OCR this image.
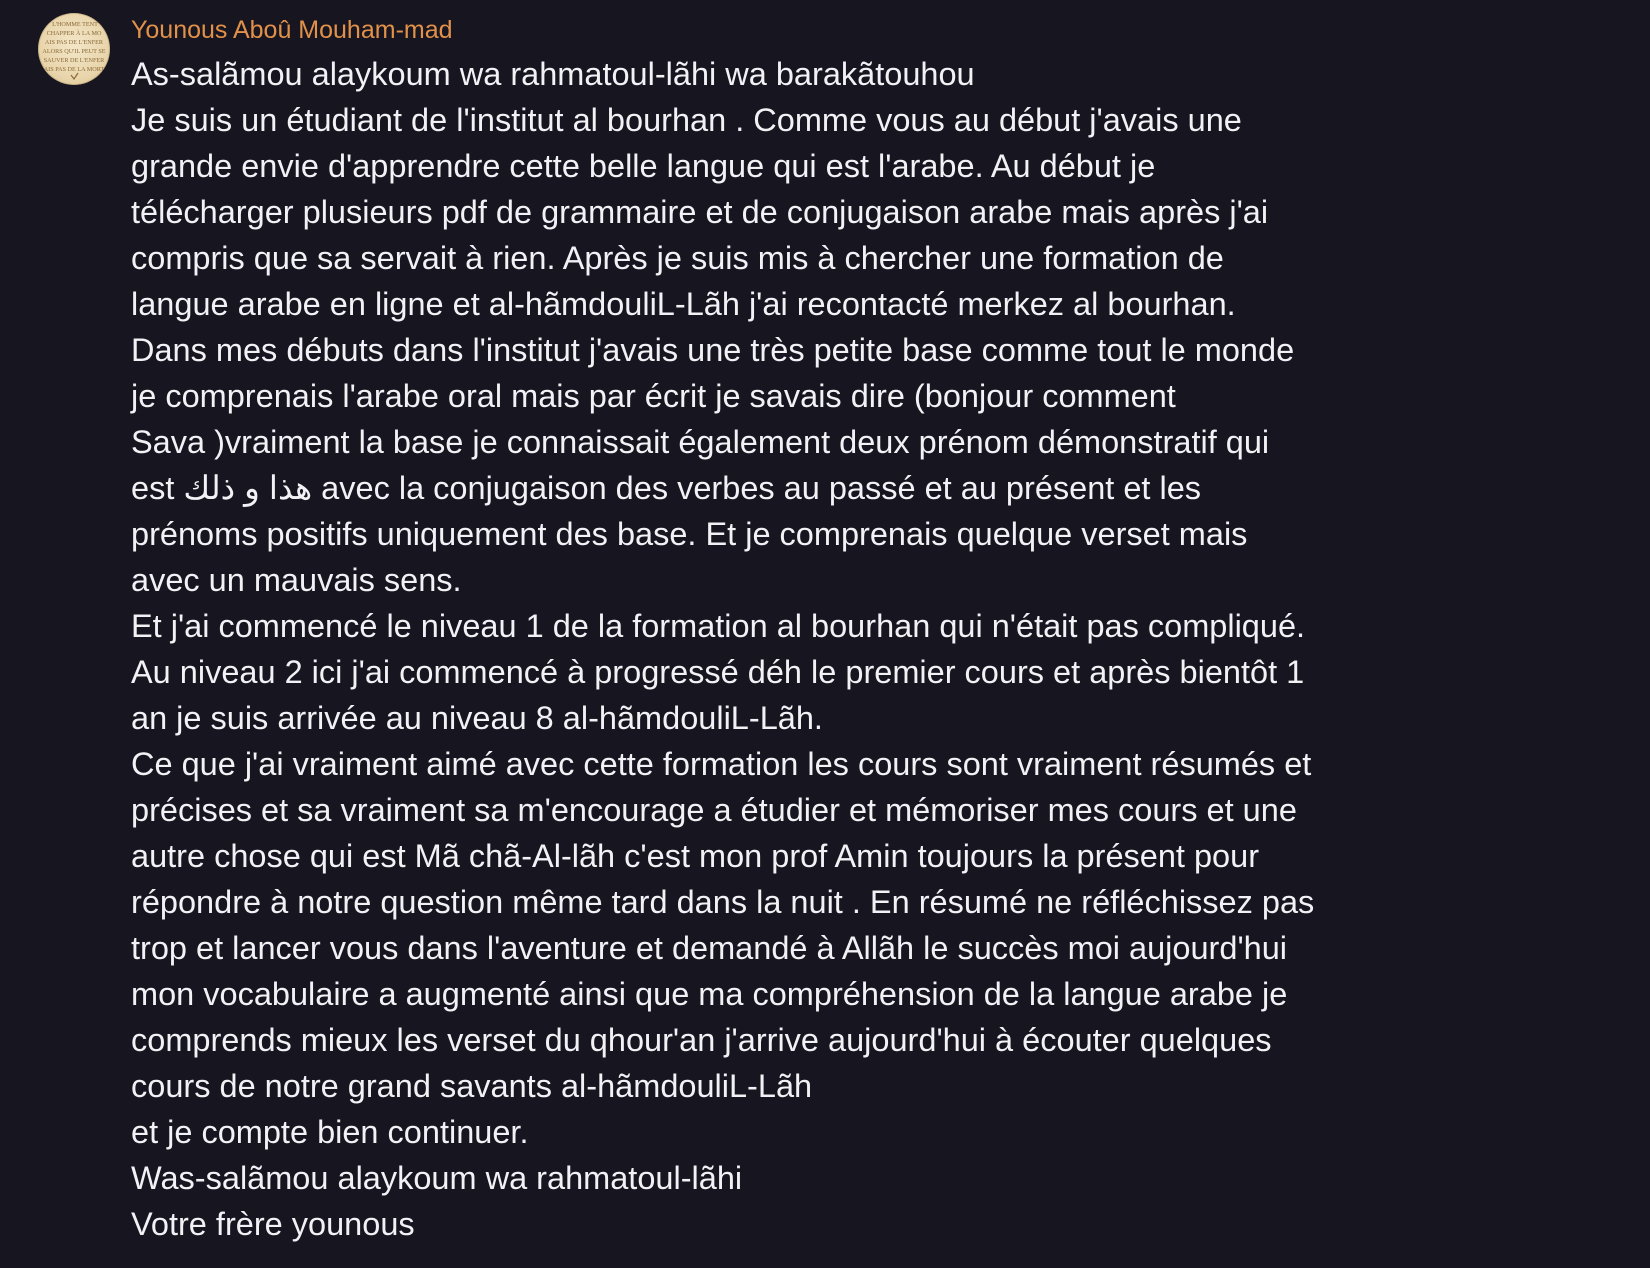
L'HOMME TENT
CHAPPER À LA MO
AIS PAS DE L'ENFER
ALORS QU'IL PEUT SE
SAUVER DE L'ENFER
AIS PAS DE LA MORT
Younous Aboû Mouham-mad
As-salãmou alaykoum wa rahmatoul-lãhi wa barakãtouhou
Je suis un étudiant de l'institut al bourhan . Comme vous au début j'avais une
grande envie d'apprendre cette belle langue qui est l'arabe. Au début je
télécharger plusieurs pdf de grammaire et de conjugaison arabe mais après j'ai
compris que sa servait à rien. Après je suis mis à chercher une formation de
langue arabe en ligne et al-hãmdouliL-Lãh j'ai recontacté merkez al bourhan.
Dans mes débuts dans l'institut j'avais une très petite base comme tout le monde
je comprenais l'arabe oral mais par écrit je savais dire (bonjour comment
Sava )vraiment la base je connaissait également deux prénom démonstratif qui
est هذا و ذلك avec la conjugaison des verbes au passé et au présent et les
prénoms positifs uniquement des base. Et je comprenais quelque verset mais
avec un mauvais sens.
Et j'ai commencé le niveau 1 de la formation al bourhan qui n'était pas compliqué.
Au niveau 2 ici j'ai commencé à progressé déh le premier cours et après bientôt 1
an je suis arrivée au niveau 8 al-hãmdouliL-Lãh.
Ce que j'ai vraiment aimé avec cette formation les cours sont vraiment résumés et
précises et sa vraiment sa m'encourage a étudier et mémoriser mes cours et une
autre chose qui est Mã chã-Al-lãh c'est mon prof Amin toujours la présent pour
répondre à notre question même tard dans la nuit . En résumé ne réfléchissez pas
trop et lancer vous dans l'aventure et demandé à Allãh le succès moi aujourd'hui
mon vocabulaire a augmenté ainsi que ma compréhension de la langue arabe je
comprends mieux les verset du qhour'an j'arrive aujourd'hui à écouter quelques
cours de notre grand savants al-hãmdouliL-Lãh
et je compte bien continuer.
Was-salãmou alaykoum wa rahmatoul-lãhi
Votre frère younous
